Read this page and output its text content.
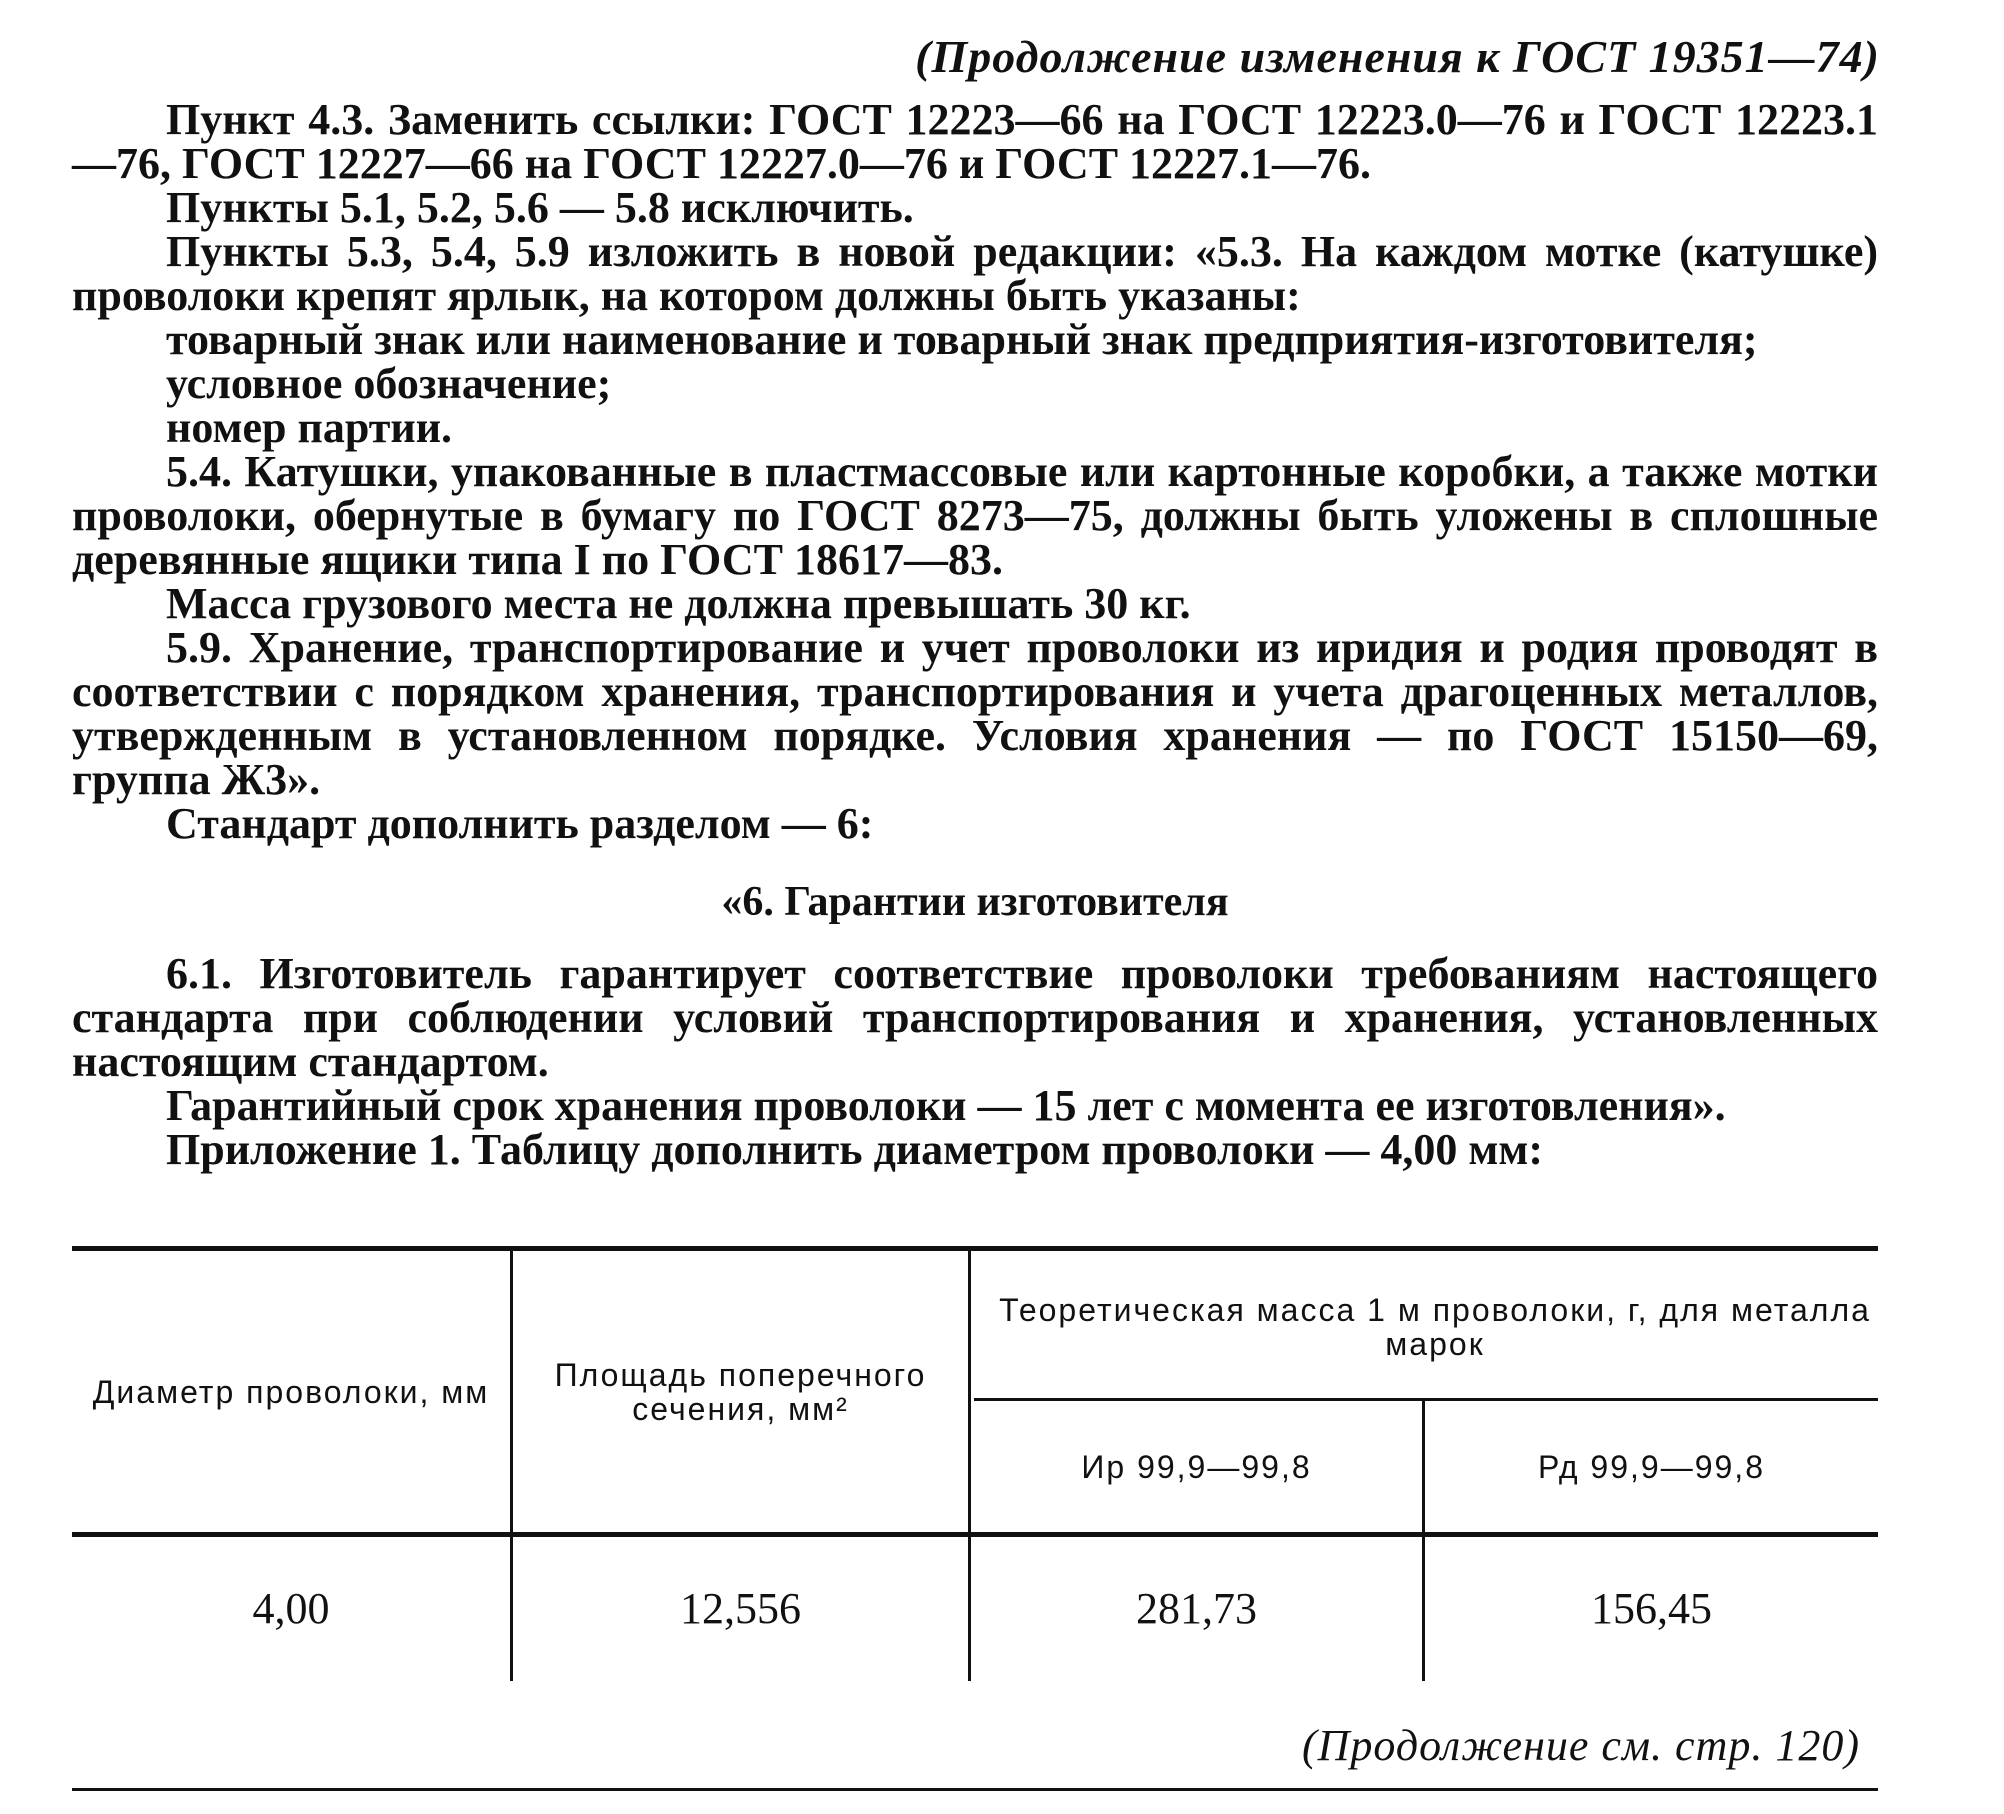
(Продолжение изменения к ГОСТ 19351—74)

Пункт 4.3. Заменить ссылки: ГОСТ 12223—66 на ГОСТ 12223.0—76 и ГОСТ 12223.1—76, ГОСТ 12227—66 на ГОСТ 12227.0—76 и ГОСТ 12227.1—76.

Пункты 5.1, 5.2, 5.6 — 5.8 исключить.

Пункты 5.3, 5.4, 5.9 изложить в новой редакции: «5.3. На каждом мотке (катушке) проволоки крепят ярлык, на котором должны быть указаны:

товарный знак или наименование и товарный знак предприятия-изготовителя;

условное обозначение;

номер партии.

5.4. Катушки, упакованные в пластмассовые или картонные коробки, а также мотки проволоки, обернутые в бумагу по ГОСТ 8273—75, должны быть уложены в сплошные деревянные ящики типа I по ГОСТ 18617—83.

Масса грузового места не должна превышать 30 кг.

5.9. Хранение, транспортирование и учет проволоки из иридия и родия проводят в соответствии с порядком хранения, транспортирования и учета драгоценных металлов, утвержденным в установленном порядке. Условия хранения — по ГОСТ 15150—69, группа Ж3».

Стандарт дополнить разделом — 6:

«6. Гарантии изготовителя

6.1. Изготовитель гарантирует соответствие проволоки требованиям настоящего стандарта при соблюдении условий транспортирования и хранения, установленных настоящим стандартом.

Гарантийный срок хранения проволоки — 15 лет с момента ее изготовления».

Приложение 1. Таблицу дополнить диаметром проволоки — 4,00 мм:

Диаметр проволоки, мм	Площадь поперечного сечения, мм²
Теоретическая масса 1 м проволоки, г, для металла марок
Ир 99,9—99,8	Рд 99,9—99,8
4,00	12,556	281,73	156,45
(Продолжение см. стр. 120)
